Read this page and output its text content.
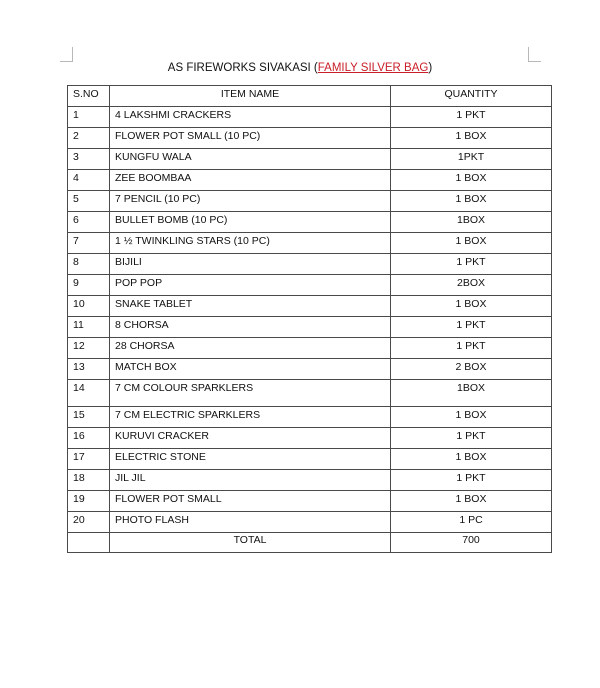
AS FIREWORKS SIVAKASI (FAMILY SILVER BAG)
S.NO	ITEM NAME	QUANTITY
1	4 LAKSHMI CRACKERS	1 PKT
2	FLOWER POT SMALL (10 PC)	1 BOX
3	KUNGFU WALA	1PKT
4	ZEE BOOMBAA	1 BOX
5	7 PENCIL (10 PC)	1 BOX
6	BULLET BOMB (10 PC)	1BOX
7	1 ½ TWINKLING STARS (10 PC)	1 BOX
8	BIJILI	1 PKT
9	POP POP	2BOX
10	SNAKE TABLET	1 BOX
11	8 CHORSA	1 PKT
12	28 CHORSA	1 PKT
13	MATCH BOX	2 BOX
14	7 CM COLOUR SPARKLERS	1BOX
15	7 CM ELECTRIC SPARKLERS	1 BOX
16	KURUVI CRACKER	1 PKT
17	ELECTRIC STONE	1 BOX
18	JIL JIL	1 PKT
19	FLOWER POT SMALL	1 BOX
20	PHOTO FLASH	1 PC
	TOTAL	700
